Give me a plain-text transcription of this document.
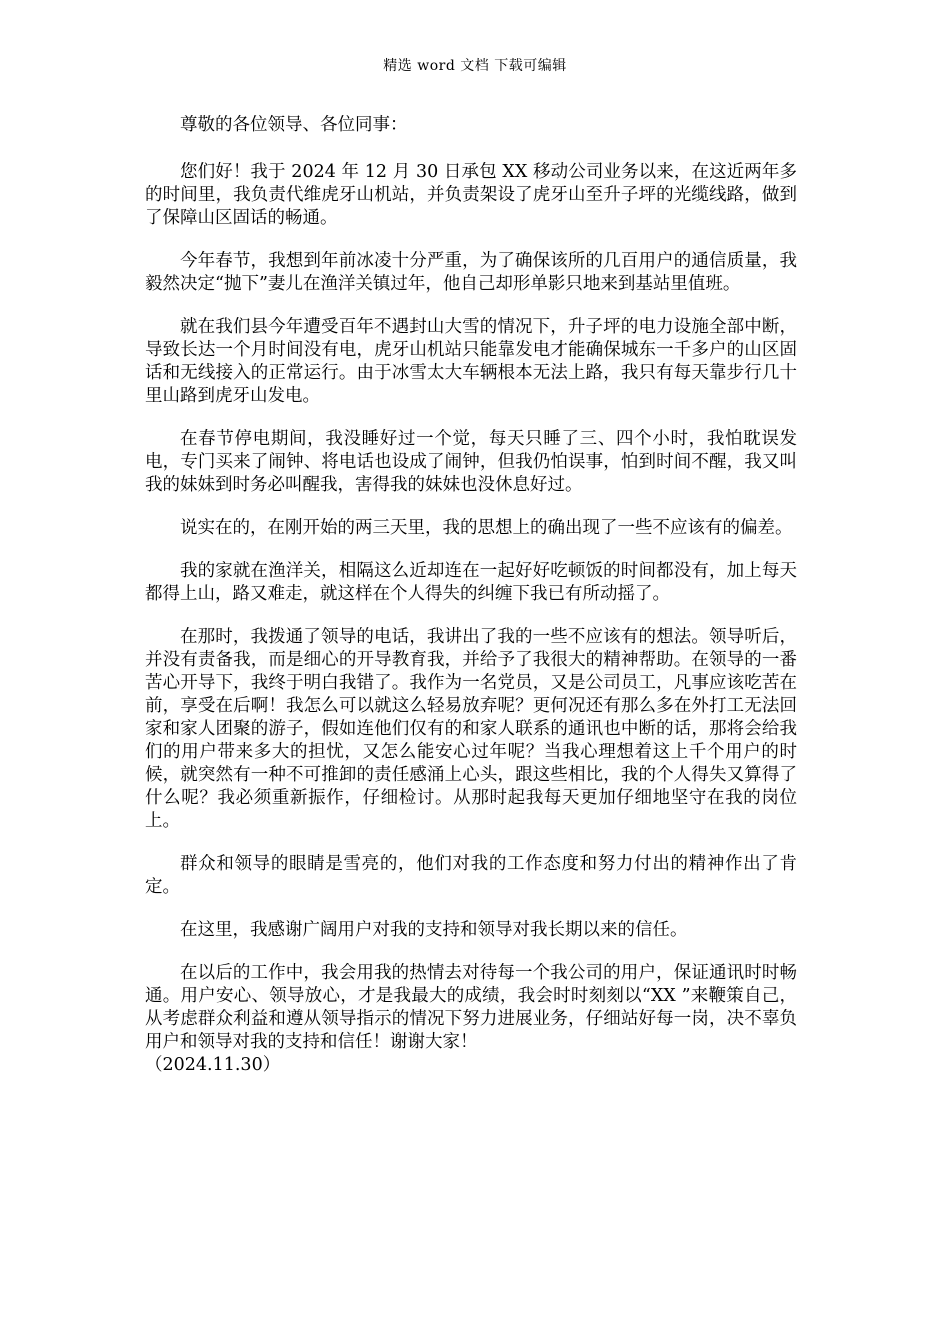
精选 word 文档 下载可编辑

尊敬的各位领导、各位同事：

您们好！我于 2024 年 12 月 30 日承包 XX 移动公司业务以来，在这近两年多的时间里，我负责代维虎牙山机站，并负责架设了虎牙山至升子坪的光缆线路，做到了保障山区固话的畅通。

今年春节，我想到年前冰凌十分严重，为了确保该所的几百用户的通信质量，我毅然决定“抛下”妻儿在渔洋关镇过年，他自己却形单影只地来到基站里值班。

就在我们县今年遭受百年不遇封山大雪的情况下，升子坪的电力设施全部中断，导致长达一个月时间没有电，虎牙山机站只能靠发电才能确保城东一千多户的山区固话和无线接入的正常运行。由于冰雪太大车辆根本无法上路，我只有每天靠步行几十里山路到虎牙山发电。

在春节停电期间，我没睡好过一个觉，每天只睡了三、四个小时，我怕耽误发电，专门买来了闹钟、将电话也设成了闹钟，但我仍怕误事，怕到时间不醒，我又叫我的妹妹到时务必叫醒我，害得我的妹妹也没休息好过。

说实在的，在刚开始的两三天里，我的思想上的确出现了一些不应该有的偏差。

我的家就在渔洋关，相隔这么近却连在一起好好吃顿饭的时间都没有，加上每天都得上山，路又难走，就这样在个人得失的纠缠下我已有所动摇了。

在那时，我拨通了领导的电话，我讲出了我的一些不应该有的想法。领导听后，并没有责备我，而是细心的开导教育我，并给予了我很大的精神帮助。在领导的一番苦心开导下，我终于明白我错了。我作为一名党员，又是公司员工，凡事应该吃苦在前，享受在后啊！我怎么可以就这么轻易放弃呢？更何况还有那么多在外打工无法回家和家人团聚的游子，假如连他们仅有的和家人联系的通讯也中断的话，那将会给我们的用户带来多大的担忧，又怎么能安心过年呢？当我心理想着这上千个用户的时候，就突然有一种不可推卸的责任感涌上心头，跟这些相比，我的个人得失又算得了什么呢？我必须重新振作，仔细检讨。从那时起我每天更加仔细地坚守在我的岗位上。

群众和领导的眼睛是雪亮的，他们对我的工作态度和努力付出的精神作出了肯定。

在这里，我感谢广阔用户对我的支持和领导对我长期以来的信任。

在以后的工作中，我会用我的热情去对待每一个我公司的用户，保证通讯时时畅通。用户安心、领导放心，才是我最大的成绩，我会时时刻刻以“XX ”来鞭策自己，从考虑群众利益和遵从领导指示的情况下努力进展业务，仔细站好每一岗，决不辜负用户和领导对我的支持和信任！谢谢大家！

（2024.11.30）
